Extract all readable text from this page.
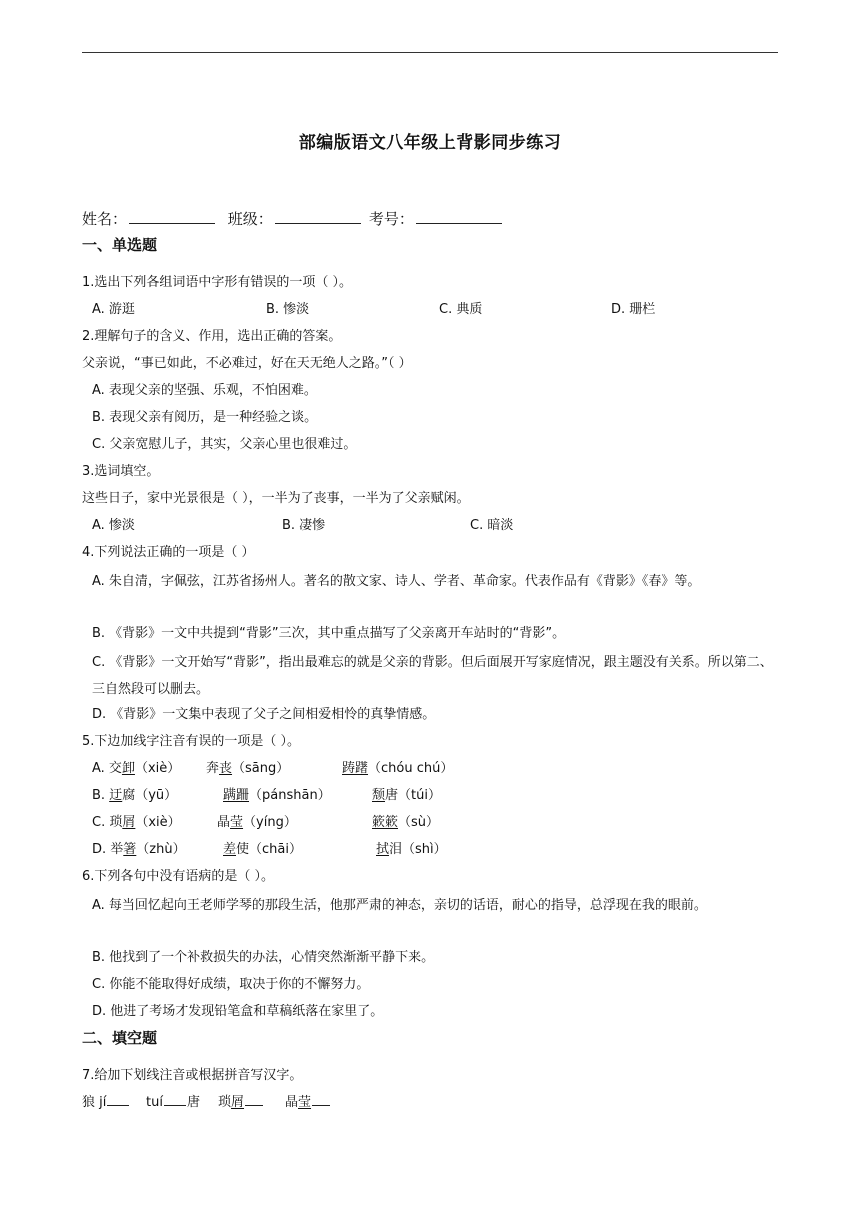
部编版语文八年级上背影同步练习
姓名：	班级：	考号：
一、单选题
1.选出下列各组词语中字形有错误的一项（ ）。
A. 游逛	B. 惨淡	C. 典质	D. 珊栏
2.理解句子的含义、作用，选出正确的答案。
父亲说，“事已如此，不必难过，好在天无绝人之路。”（ ）
A. 表现父亲的坚强、乐观，不怕困难。
B. 表现父亲有阅历，是一种经验之谈。
C. 父亲宽慰儿子，其实，父亲心里也很难过。
3.选词填空。
这些日子，家中光景很是（ ），一半为了丧事，一半为了父亲赋闲。
A. 惨淡	B. 凄惨	C. 暗淡
4.下列说法正确的一项是（ ）
A. 朱自清，字佩弦，江苏省扬州人。著名的散文家、诗人、学者、革命家。代表作品有《背影》《春》等。
B. 《背影》一文中共提到“背影”三次，其中重点描写了父亲离开车站时的“背影”。
C. 《背影》一文开始写“背影”，指出最难忘的就是父亲的背影。但后面展开写家庭情况，跟主题没有关系。所以第二、三自然段可以删去。
D. 《背影》一文集中表现了父子之间相爱相怜的真挚情感。
5.下边加线字注音有误的一项是（ ）。
A. 交卸（xiè） 奔丧（sāng）	踌躇（chóu chú）
B. 迂腐（yū）	蹒跚（pánshān）	颓唐（túi）
C. 琐屑（xiè）	晶莹（yíng）	簌簌（sù）
D. 举箸（zhù）	差使（chāi）	拭泪（shì）
6.下列各句中没有语病的是（ ）。
A. 每当回忆起向王老师学琴的那段生活，他那严肃的神态，亲切的话语，耐心的指导，总浮现在我的眼前。
B. 他找到了一个补救损失的办法，心情突然渐渐平静下来。
C. 你能不能取得好成绩，取决于你的不懈努力。
D. 他进了考场才发现铅笔盒和草稿纸落在家里了。
二、填空题
7.给加下划线注音或根据拼音写汉字。
狼 jí	tuí 唐 琐屑	晶莹
